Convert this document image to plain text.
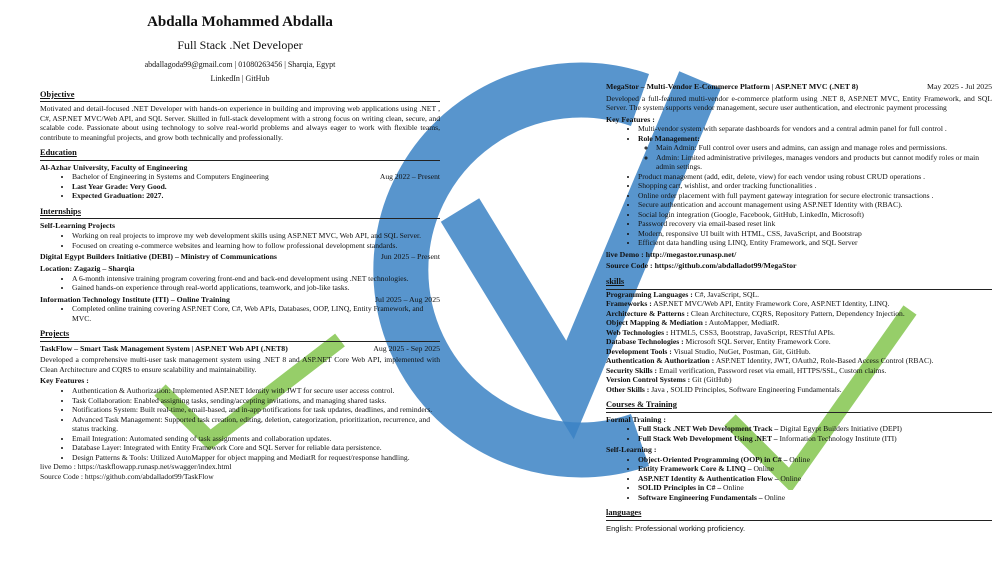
Abdalla Mohammed Abdalla
Full Stack .Net Developer
abdallagoda99@gmail.com | 01080263456 | Sharqia, Egypt
LinkedIn | GitHub
Objective

Motivated and detail-focused .NET Developer with hands-on experience in building and improving web applications using .NET , C#, ASP.NET MVC/Web API, and SQL Server. Skilled in full-stack development with a strong focus on writing clean, secure, and scalable code. Passionate about using technology to solve real-world problems and always eager to work with flexible teams, contribute to meaningful projects, and grow both technically and professionally.

Education
Al-Azhar University, Faculty of Engineering
• Bachelor of Engineering in Systems and Computers Engineering	Aug 2022 – Present
• Last Year Grade: Very Good.
• Expected Graduation: 2027.
Internships
Self-Learning Projects
• Working on real projects to improve my web development skills using ASP.NET MVC, Web API, and SQL Server.
• Focused on creating e-commerce websites and learning how to follow professional development standards.
Digital Egypt Builders Initiative (DEBI) – Ministry of Communications	Jun 2025 – Present
Location: Zagazig – Sharqia
• A 6-month intensive training program covering front-end and back-end development using .NET technologies.
• Gained hands-on experience through real-world applications, teamwork, and job-like tasks.
Information Technology Institute (ITI) – Online Training	Jul 2025 – Aug 2025
• Completed online training covering ASP.NET Core, C#, Web APIs, Databases, OOP, LINQ, Entity Framework, and MVC.
Projects
TaskFlow – Smart Task Management System | ASP.NET Web API (.NET8)	Aug 2025 - Sep 2025

Developed a comprehensive multi-user task management system using .NET 8 and ASP.NET Core Web API, implemented with Clean Architecture and CQRS to ensure scalability and maintainability.

Key Features :
• Authentication & Authorization: Implemented ASP.NET Identity with JWT for secure user access control.
• Task Collaboration: Enabled assigning tasks, sending/accepting invitations, and managing shared tasks.
• Notifications System: Built real-time, email-based, and in-app notifications for task updates, deadlines, and reminders.
• Advanced Task Management: Supported task creation, editing, deletion, categorization, prioritization, recurrence, and status tracking.
• Email Integration: Automated sending of task assignments and collaboration updates.
• Database Layer: Integrated with Entity Framework Core and SQL Server for reliable data persistence.
• Design Patterns & Tools: Utilized AutoMapper for object mapping and MediatR for request/response handling.
live Demo : https://taskflowapp.runasp.net/swagger/index.html
Source Code : https://github.com/abdalladot99/TaskFlow
MegaStor – Multi-Vendor E-Commerce Platform | ASP.NET MVC (.NET 8)	May 2025 - Jul 2025

Developed a full-featured multi-vendor e-commerce platform using .NET 8, ASP.NET MVC, Entity Framework, and SQL Server. The system supports vendor management, secure user authentication, and electronic payment processing

Key Features :
• Multi-vendor system with separate dashboards for vendors and a central admin panel for full control .
• Role Management:
◦ Main Admin: Full control over users and admins, can assign and manage roles and permissions.
◦ Admin: Limited administrative privileges, manages vendors and products but cannot modify roles or main admin settings.
• Product management (add, edit, delete, view) for each vendor using robust CRUD operations .
• Shopping cart, wishlist, and order tracking functionalities .
• Online order placement with full payment gateway integration for secure electronic transactions .
• Secure authentication and account management using ASP.NET Identity with (RBAC).
• Social login integration (Google, Facebook, GitHub, LinkedIn, Microsoft)
• Password recovery via email-based reset link
• Modern, responsive UI built with HTML, CSS, JavaScript, and Bootstrap
• Efficient data handling using LINQ, Entity Framework, and SQL Server
live Demo : http://megastor.runasp.net/
Source Code : https://github.com/abdalladot99/MegaStor
skills
Programming Languages : C#, JavaScript, SQL.
Frameworks : ASP.NET MVC/Web API, Entity Framework Core, ASP.NET Identity, LINQ.
Architecture & Patterns : Clean Architecture, CQRS, Repository Pattern, Dependency Injection.
Object Mapping & Mediation : AutoMapper, MediatR.
Web Technologies : HTML5, CSS3, Bootstrap, JavaScript, RESTful APIs.
Database Technologies : Microsoft SQL Server, Entity Framework Core.
Development Tools : Visual Studio, NuGet, Postman, Git, GitHub.
Authentication & Authorization : ASP.NET Identity, JWT, OAuth2, Role-Based Access Control (RBAC).
Security Skills : Email verification, Password reset via email, HTTPS/SSL, Custom claims.
Version Control Systems : Git (GitHub)
Other Skills : Java , SOLID Principles, Software Engineering Fundamentals.
Courses & Training
Formal Training :
• Full Stack .NET Web Development Track – Digital Egypt Builders Initiative (DEPI)
• Full Stack Web Development Using .NET – Information Technology Institute (ITI)
Self-Learning :
• Object-Oriented Programming (OOP) in C# – Online
• Entity Framework Core & LINQ – Online
• ASP.NET Identity & Authentication Flow – Online
• SOLID Principles in C# – Online
• Software Engineering Fundamentals – Online
languages
English: Professional working proficiency.
